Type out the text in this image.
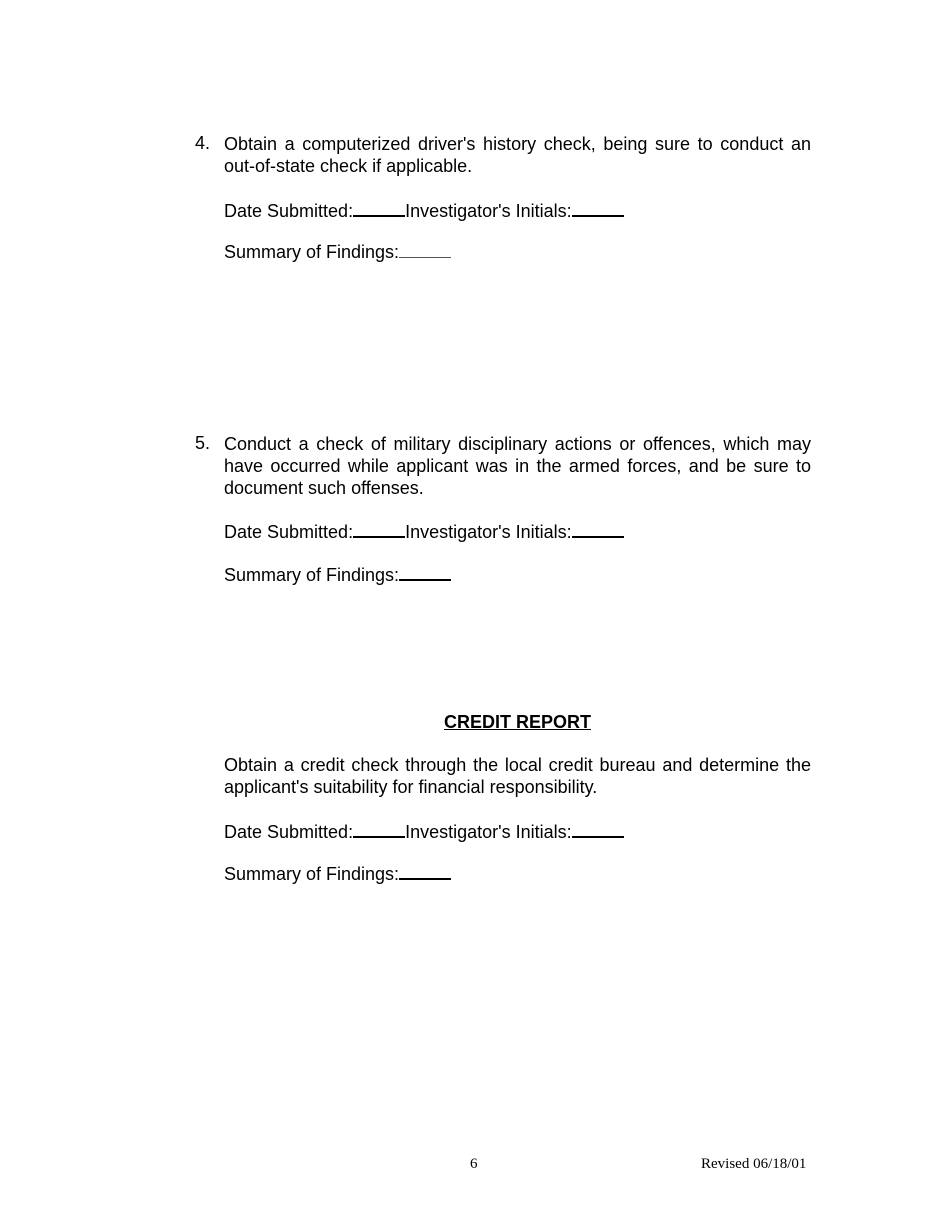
4. Obtain a computerized driver's history check, being sure to conduct an out-of-state check if applicable.
Date Submitted:	Investigator's Initials:
Summary of Findings:
5. Conduct a check of military disciplinary actions or offences, which may have occurred while applicant was in the armed forces, and be sure to document such offenses.
Date Submitted:	Investigator's Initials:
Summary of Findings:
CREDIT REPORT
Obtain a credit check through the local credit bureau and determine the applicant's suitability for financial responsibility.
Date Submitted:	Investigator's Initials:
Summary of Findings:
6	Revised 06/18/01
